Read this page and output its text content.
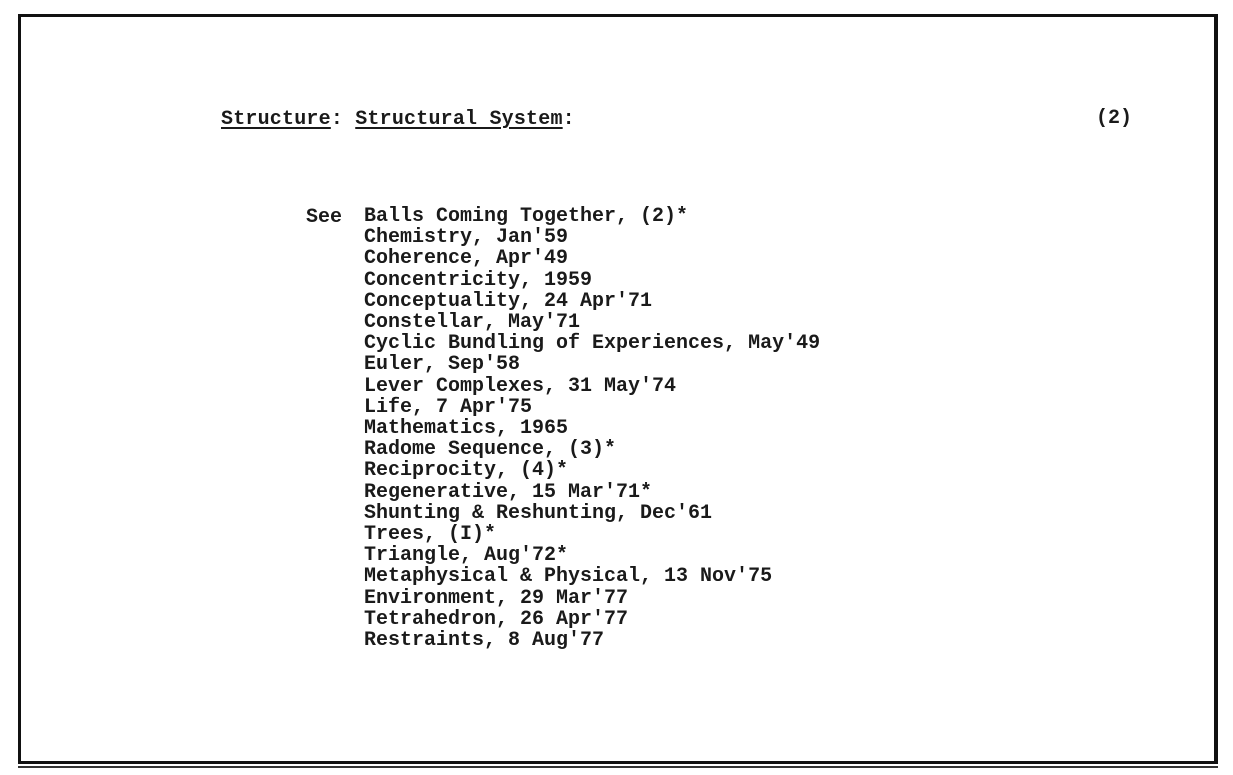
Structure: Structural System:	(2)
See Balls Coming Together, (2)*
Chemistry, Jan'59
Coherence, Apr'49
Concentricity, 1959
Conceptuality, 24 Apr'71
Constellar, May'71
Cyclic Bundling of Experiences, May'49
Euler, Sep'58
Lever Complexes, 31 May'74
Life, 7 Apr'75
Mathematics, 1965
Radome Sequence, (3)*
Reciprocity, (4)*
Regenerative, 15 Mar'71*
Shunting & Reshunting, Dec'61
Trees, (I)*
Triangle, Aug'72*
Metaphysical & Physical, 13 Nov'75
Environment, 29 Mar'77
Tetrahedron, 26 Apr'77
Restraints, 8 Aug'77
